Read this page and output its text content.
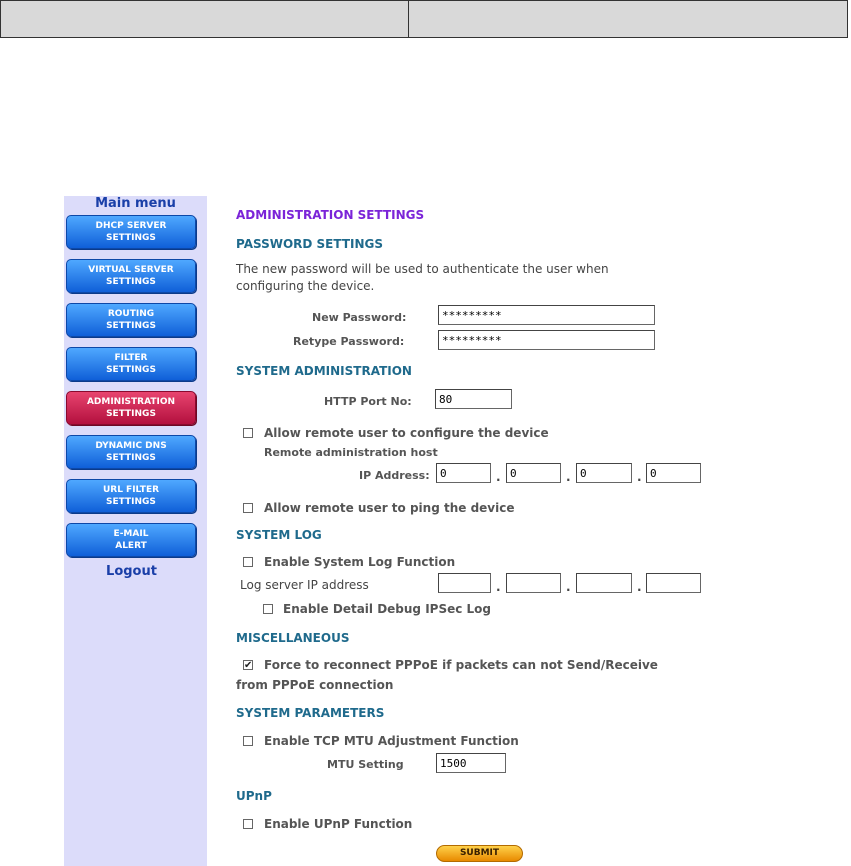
Main menu
DHCP SERVER
SETTINGS
VIRTUAL SERVER
SETTINGS
ROUTING
SETTINGS
FILTER
SETTINGS
ADMINISTRATION
SETTINGS
DYNAMIC DNS
SETTINGS
URL FILTER
SETTINGS
E-MAIL
ALERT
Logout
ADMINISTRATION SETTINGS
PASSWORD SETTINGS
The new password will be used to authenticate the user when
configuring the device.
New Password:
*********
Retype Password:
*********
SYSTEM ADMINISTRATION
HTTP Port No:
80
Allow remote user to configure the device
Remote administration host
IP Address:
0	.
0	.
0	.
0
Allow remote user to ping the device
SYSTEM LOG
Enable System Log Function
Log server IP address	.	.	.
Enable Detail Debug IPSec Log
MISCELLANEOUS
✔ Force to reconnect PPPoE if packets can not Send/Receive
from PPPoE connection
SYSTEM PARAMETERS
Enable TCP MTU Adjustment Function
MTU Setting
1500
UPnP
Enable UPnP Function
SUBMIT
